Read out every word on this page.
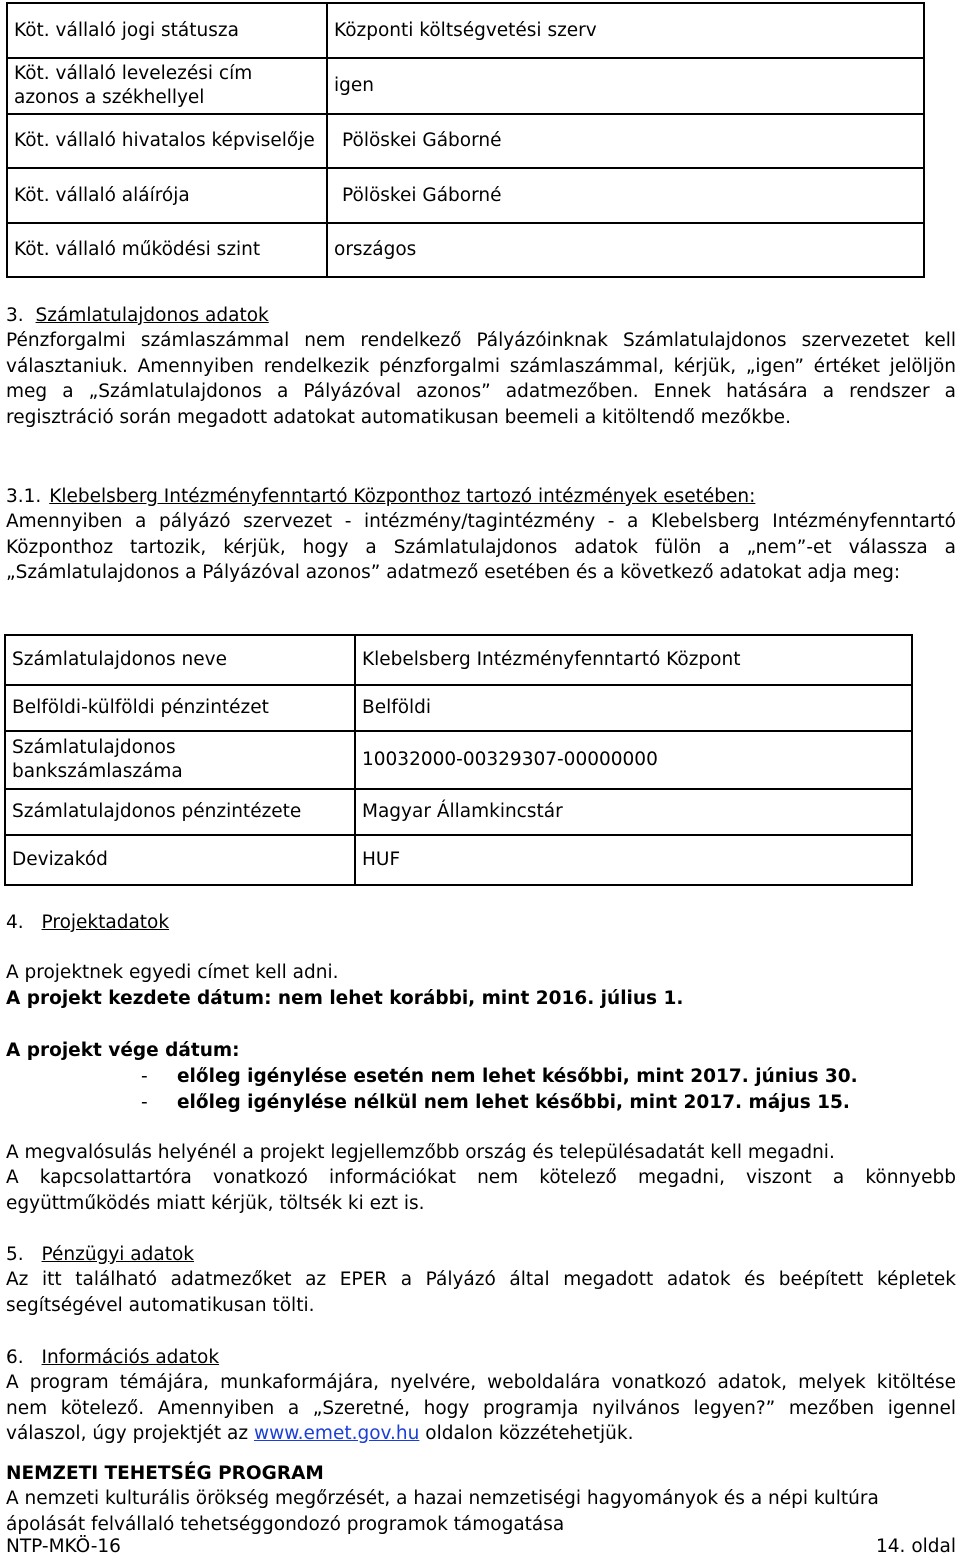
Köt. vállaló jogi státusza	Központi költségvetési szerv
Köt. vállaló levelezési cím azonos a székhellyel	igen
Köt. vállaló hivatalos képviselője	Pölöskei Gáborné
Köt. vállaló aláírója	Pölöskei Gáborné
Köt. vállaló működési szint	országos
3. Számlatulajdonos adatok
Pénzforgalmi számlaszámmal nem rendelkező Pályázóinknak Számlatulajdonos szervezetet kell választaniuk. Amennyiben rendelkezik pénzforgalmi számlaszámmal, kérjük, „igen” értéket jelöljön meg a „Számlatulajdonos a Pályázóval azonos” adatmezőben. Ennek hatására a rendszer a regisztráció során megadott adatokat automatikusan beemeli a kitöltendő mezőkbe.
3.1. Klebelsberg Intézményfenntartó Központhoz tartozó intézmények esetében:
Amennyiben a pályázó szervezet - intézmény/tagintézmény - a Klebelsberg Intézményfenntartó Központhoz tartozik, kérjük, hogy a Számlatulajdonos adatok fülön a „nem”-et válassza a „Számlatulajdonos a Pályázóval azonos” adatmező esetében és a következő adatokat adja meg:
Számlatulajdonos neve	Klebelsberg Intézményfenntartó Központ
Belföldi-külföldi pénzintézet	Belföldi
Számlatulajdonos bankszámlaszáma	10032000-00329307-00000000
Számlatulajdonos pénzintézete	Magyar Államkincstár
Devizakód	HUF
4. Projektadatok
A projektnek egyedi címet kell adni.
A projekt kezdete dátum: nem lehet korábbi, mint 2016. július 1.
A projekt vége dátum:
- előleg igénylése esetén nem lehet későbbi, mint 2017. június 30.
- előleg igénylése nélkül nem lehet későbbi, mint 2017. május 15.
A megvalósulás helyénél a projekt legjellemzőbb ország és településadatát kell megadni.
A kapcsolattartóra vonatkozó információkat nem kötelező megadni, viszont a könnyebb együttműködés miatt kérjük, töltsék ki ezt is.
5. Pénzügyi adatok
Az itt található adatmezőket az EPER a Pályázó által megadott adatok és beépített képletek segítségével automatikusan tölti.
6. Információs adatok
A program témájára, munkaformájára, nyelvére, weboldalára vonatkozó adatok, melyek kitöltése nem kötelező. Amennyiben a „Szeretné, hogy programja nyilvános legyen?” mezőben igennel válaszol, úgy projektjét az www.emet.gov.hu oldalon közzétehetjük.
NEMZETI TEHETSÉG PROGRAM
A nemzeti kulturális örökség megőrzését, a hazai nemzetiségi hagyományok és a népi kultúra ápolását felvállaló tehetséggondozó programok támogatása
NTP-MKÖ-16	14. oldal
